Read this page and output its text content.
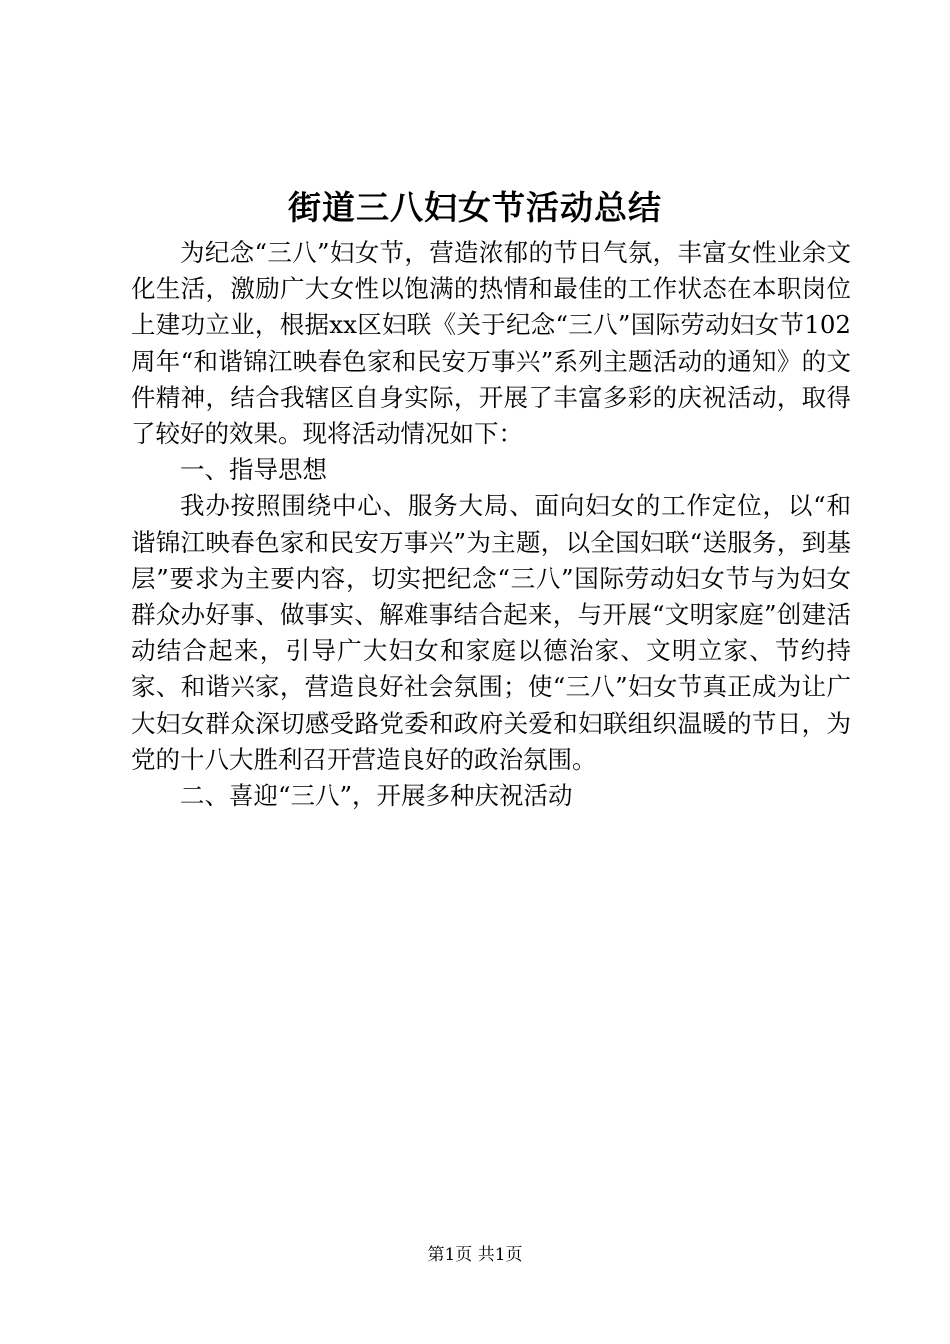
街道三八妇女节活动总结

为纪念“三八”妇女节，营造浓郁的节日气氛，丰富女性业余文化生活，激励广大女性以饱满的热情和最佳的工作状态在本职岗位上建功立业，根据xx区妇联《关于纪念“三八”国际劳动妇女节102周年“和谐锦江映春色家和民安万事兴”系列主题活动的通知》的文件精神，结合我辖区自身实际，开展了丰富多彩的庆祝活动，取得了较好的效果。现将活动情况如下：

一、指导思想

我办按照围绕中心、服务大局、面向妇女的工作定位，以“和谐锦江映春色家和民安万事兴”为主题，以全国妇联“送服务，到基层”要求为主要内容，切实把纪念“三八”国际劳动妇女节与为妇女群众办好事、做事实、解难事结合起来，与开展“文明家庭”创建活动结合起来，引导广大妇女和家庭以德治家、文明立家、节约持家、和谐兴家，营造良好社会氛围；使“三八”妇女节真正成为让广大妇女群众深切感受路党委和政府关爱和妇联组织温暖的节日，为党的十八大胜利召开营造良好的政治氛围。

二、喜迎“三八”，开展多种庆祝活动

第1页 共1页
